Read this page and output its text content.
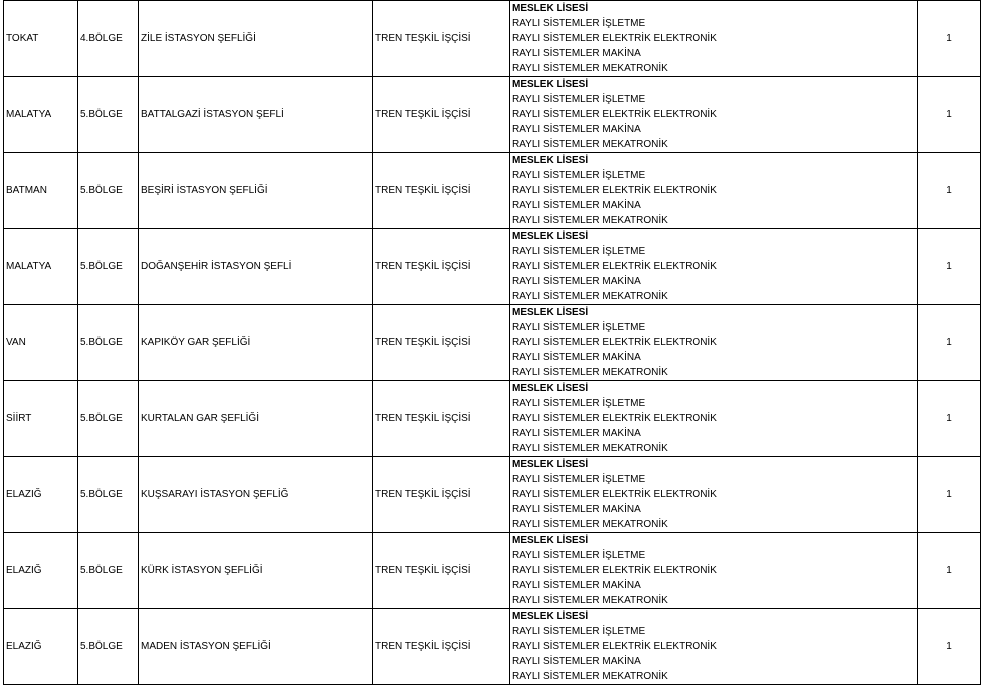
TOKAT	4.BÖLGE	ZİLE İSTASYON ŞEFLİĞİ	TREN TEŞKİL İŞÇİSİ	MESLEK LİSESİ
RAYLI SİSTEMLER İŞLETME
RAYLI SİSTEMLER ELEKTRİK ELEKTRONİK
RAYLI SİSTEMLER MAKİNA
RAYLI SİSTEMLER MEKATRONİK	1
MALATYA	5.BÖLGE	BATTALGAZİ İSTASYON ŞEFLİ	TREN TEŞKİL İŞÇİSİ	MESLEK LİSESİ
RAYLI SİSTEMLER İŞLETME
RAYLI SİSTEMLER ELEKTRİK ELEKTRONİK
RAYLI SİSTEMLER MAKİNA
RAYLI SİSTEMLER MEKATRONİK	1
BATMAN	5.BÖLGE	BEŞİRİ İSTASYON ŞEFLİĞİ	TREN TEŞKİL İŞÇİSİ	MESLEK LİSESİ
RAYLI SİSTEMLER İŞLETME
RAYLI SİSTEMLER ELEKTRİK ELEKTRONİK
RAYLI SİSTEMLER MAKİNA
RAYLI SİSTEMLER MEKATRONİK	1
MALATYA	5.BÖLGE	DOĞANŞEHİR İSTASYON ŞEFLİ	TREN TEŞKİL İŞÇİSİ	MESLEK LİSESİ
RAYLI SİSTEMLER İŞLETME
RAYLI SİSTEMLER ELEKTRİK ELEKTRONİK
RAYLI SİSTEMLER MAKİNA
RAYLI SİSTEMLER MEKATRONİK	1
VAN	5.BÖLGE	KAPIKÖY GAR ŞEFLİĞİ	TREN TEŞKİL İŞÇİSİ	MESLEK LİSESİ
RAYLI SİSTEMLER İŞLETME
RAYLI SİSTEMLER ELEKTRİK ELEKTRONİK
RAYLI SİSTEMLER MAKİNA
RAYLI SİSTEMLER MEKATRONİK	1
SİİRT	5.BÖLGE	KURTALAN GAR ŞEFLİĞİ	TREN TEŞKİL İŞÇİSİ	MESLEK LİSESİ
RAYLI SİSTEMLER İŞLETME
RAYLI SİSTEMLER ELEKTRİK ELEKTRONİK
RAYLI SİSTEMLER MAKİNA
RAYLI SİSTEMLER MEKATRONİK	1
ELAZIĞ	5.BÖLGE	KUŞSARAYI İSTASYON ŞEFLİĞ	TREN TEŞKİL İŞÇİSİ	MESLEK LİSESİ
RAYLI SİSTEMLER İŞLETME
RAYLI SİSTEMLER ELEKTRİK ELEKTRONİK
RAYLI SİSTEMLER MAKİNA
RAYLI SİSTEMLER MEKATRONİK	1
ELAZIĞ	5.BÖLGE	KÜRK İSTASYON ŞEFLİĞİ	TREN TEŞKİL İŞÇİSİ	MESLEK LİSESİ
RAYLI SİSTEMLER İŞLETME
RAYLI SİSTEMLER ELEKTRİK ELEKTRONİK
RAYLI SİSTEMLER MAKİNA
RAYLI SİSTEMLER MEKATRONİK	1
ELAZIĞ	5.BÖLGE	MADEN İSTASYON ŞEFLİĞİ	TREN TEŞKİL İŞÇİSİ	MESLEK LİSESİ
RAYLI SİSTEMLER İŞLETME
RAYLI SİSTEMLER ELEKTRİK ELEKTRONİK
RAYLI SİSTEMLER MAKİNA
RAYLI SİSTEMLER MEKATRONİK	1
